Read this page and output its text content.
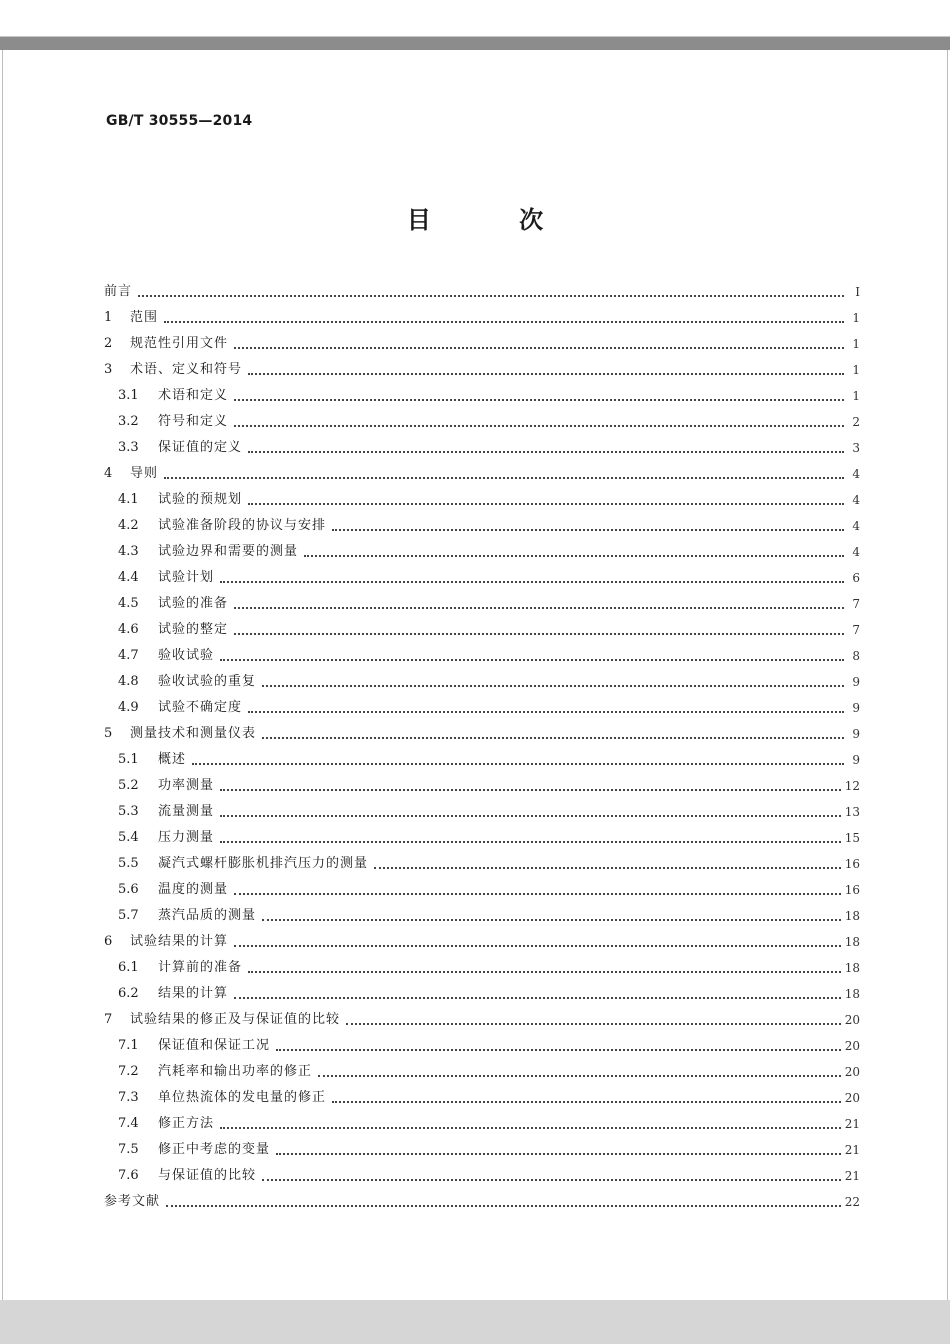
GB/T 30555—2014
目 次
前言	I
1	范围	1
2	规范性引用文件	1
3	术语、定义和符号	1
3.1	术语和定义	1
3.2	符号和定义	2
3.3	保证值的定义	3
4	导则	4
4.1	试验的预规划	4
4.2	试验准备阶段的协议与安排	4
4.3	试验边界和需要的测量	4
4.4	试验计划	6
4.5	试验的准备	7
4.6	试验的整定	7
4.7	验收试验	8
4.8	验收试验的重复	9
4.9	试验不确定度	9
5	测量技术和测量仪表	9
5.1	概述	9
5.2	功率测量	12
5.3	流量测量	13
5.4	压力测量	15
5.5	凝汽式螺杆膨胀机排汽压力的测量	16
5.6	温度的测量	16
5.7	蒸汽品质的测量	18
6	试验结果的计算	18
6.1	计算前的准备	18
6.2	结果的计算	18
7	试验结果的修正及与保证值的比较	20
7.1	保证值和保证工况	20
7.2	汽耗率和输出功率的修正	20
7.3	单位热流体的发电量的修正	20
7.4	修正方法	21
7.5	修正中考虑的变量	21
7.6	与保证值的比较	21
参考文献	22
